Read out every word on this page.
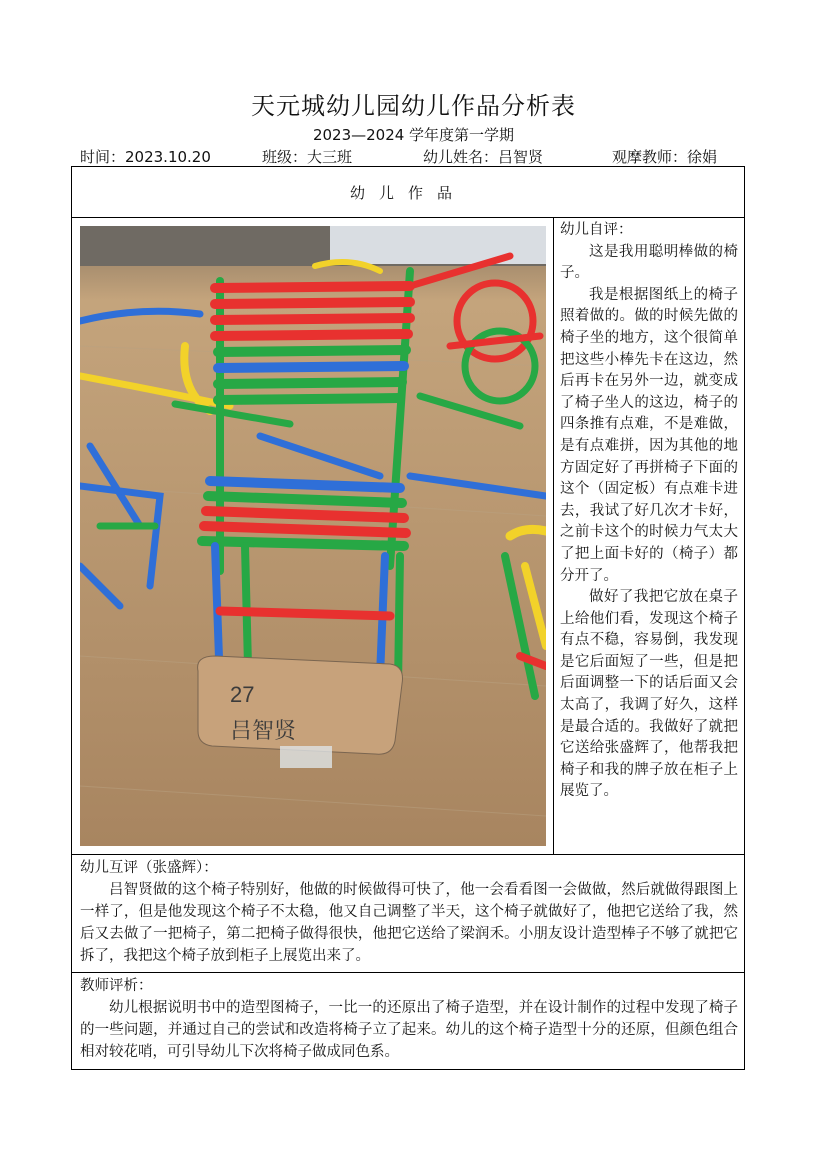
天元城幼儿园幼儿作品分析表
2023—2024 学年度第一学期
时间：2023.10.20	班级：大三班	幼儿姓名：吕智贤	观摩教师：徐娟
幼儿作品
27
吕智贤

幼儿自评：

这是我用聪明棒做的椅子。

我是根据图纸上的椅子照着做的。做的时候先做的椅子坐的地方，这个很简单把这些小棒先卡在这边，然后再卡在另外一边，就变成了椅子坐人的这边，椅子的四条推有点难，不是难做，是有点难拼，因为其他的地方固定好了再拼椅子下面的这个（固定板）有点难卡进去，我试了好几次才卡好，之前卡这个的时候力气太大了把上面卡好的（椅子）都分开了。

做好了我把它放在桌子上给他们看，发现这个椅子有点不稳，容易倒，我发现是它后面短了一些，但是把后面调整一下的话后面又会太高了，我调了好久，这样是最合适的。我做好了就把它送给张盛辉了，他帮我把椅子和我的牌子放在柜子上展览了。

幼儿互评（张盛辉）：

吕智贤做的这个椅子特别好，他做的时候做得可快了，他一会看看图一会做做，然后就做得跟图上一样了，但是他发现这个椅子不太稳，他又自己调整了半天，这个椅子就做好了，他把它送给了我，然后又去做了一把椅子，第二把椅子做得很快，他把它送给了梁润禾。小朋友设计造型棒子不够了就把它拆了，我把这个椅子放到柜子上展览出来了。

教师评析：

幼儿根据说明书中的造型图椅子，一比一的还原出了椅子造型，并在设计制作的过程中发现了椅子的一些问题，并通过自己的尝试和改造将椅子立了起来。幼儿的这个椅子造型十分的还原，但颜色组合相对较花哨，可引导幼儿下次将椅子做成同色系。
